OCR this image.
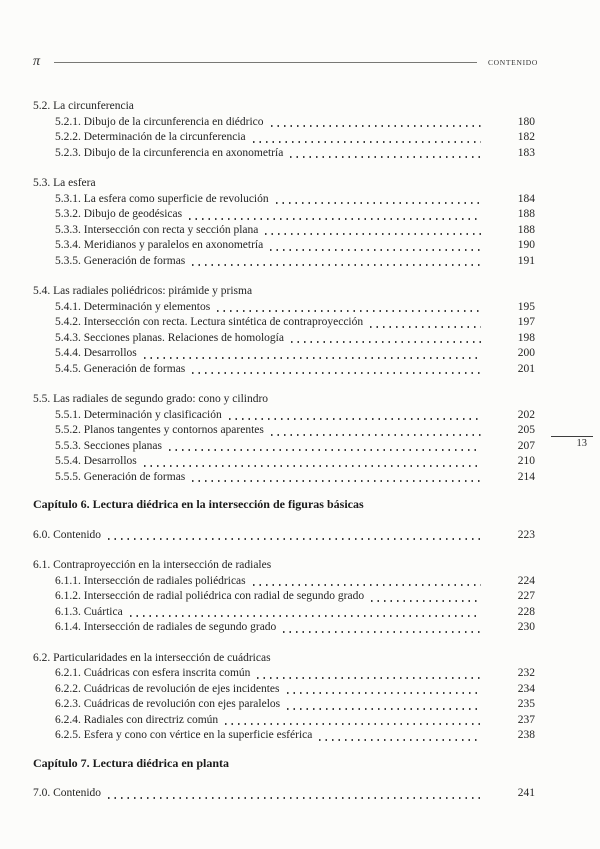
π	CONTENIDO
13
5.2. La circunferencia
5.2.1. Dibujo de la circunferencia en diédrico	180
5.2.2. Determinación de la circunferencia	182
5.2.3. Dibujo de la circunferencia en axonometría	183
5.3. La esfera
5.3.1. La esfera como superficie de revolución	184
5.3.2. Dibujo de geodésicas	188
5.3.3. Intersección con recta y sección plana	188
5.3.4. Meridianos y paralelos en axonometría	190
5.3.5. Generación de formas	191
5.4. Las radiales poliédricos: pirámide y prisma
5.4.1. Determinación y elementos	195
5.4.2. Intersección con recta. Lectura sintética de contraproyección	197
5.4.3. Secciones planas. Relaciones de homología	198
5.4.4. Desarrollos	200
5.4.5. Generación de formas	201
5.5. Las radiales de segundo grado: cono y cilindro
5.5.1. Determinación y clasificación	202
5.5.2. Planos tangentes y contornos aparentes	205
5.5.3. Secciones planas	207
5.5.4. Desarrollos	210
5.5.5. Generación de formas	214
Capítulo 6. Lectura diédrica en la intersección de figuras básicas
6.0. Contenido	223
6.1. Contraproyección en la intersección de radiales
6.1.1. Intersección de radiales poliédricas	224
6.1.2. Intersección de radial poliédrica con radial de segundo grado	227
6.1.3. Cuártica	228
6.1.4. Intersección de radiales de segundo grado	230
6.2. Particularidades en la intersección de cuádricas
6.2.1. Cuádricas con esfera inscrita común	232
6.2.2. Cuádricas de revolución de ejes incidentes	234
6.2.3. Cuádricas de revolución con ejes paralelos	235
6.2.4. Radiales con directriz común	237
6.2.5. Esfera y cono con vértice en la superficie esférica	238
Capítulo 7. Lectura diédrica en planta
7.0. Contenido	241
